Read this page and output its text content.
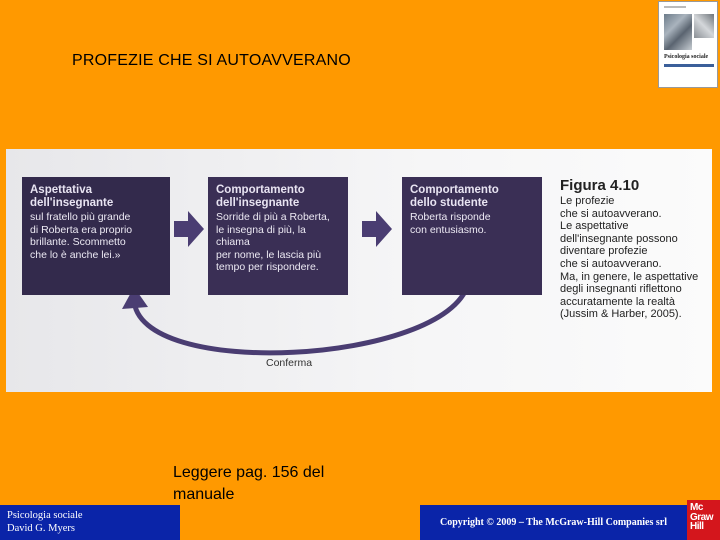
PROFEZIE CHE SI AUTOAVVERANO	Psicologia sociale
Aspettativa
dell'insegnante
sul fratello più grande
di Roberta era proprio
brillante. Scommetto
che lo è anche lei.»
Comportamento
dell'insegnante
Sorride di più a Roberta,
le insegna di più, la chiama
per nome, le lascia più
tempo per rispondere.
Comportamento
dello studente
Roberta risponde
con entusiasmo.
Conferma
Figura 4.10
Le profezie
che si autoavverano.
Le aspettative
dell'insegnante possono
diventare profezie
che si autoavverano.
Ma, in genere, le aspettative
degli insegnanti riflettono
accuratamente la realtà
(Jussim & Harber, 2005).
Leggere pag. 156 del
manuale
Psicologia sociale
David G. Myers
Copyright © 2009 – The McGraw-Hill Companies srl
Mc
Graw
Hill
